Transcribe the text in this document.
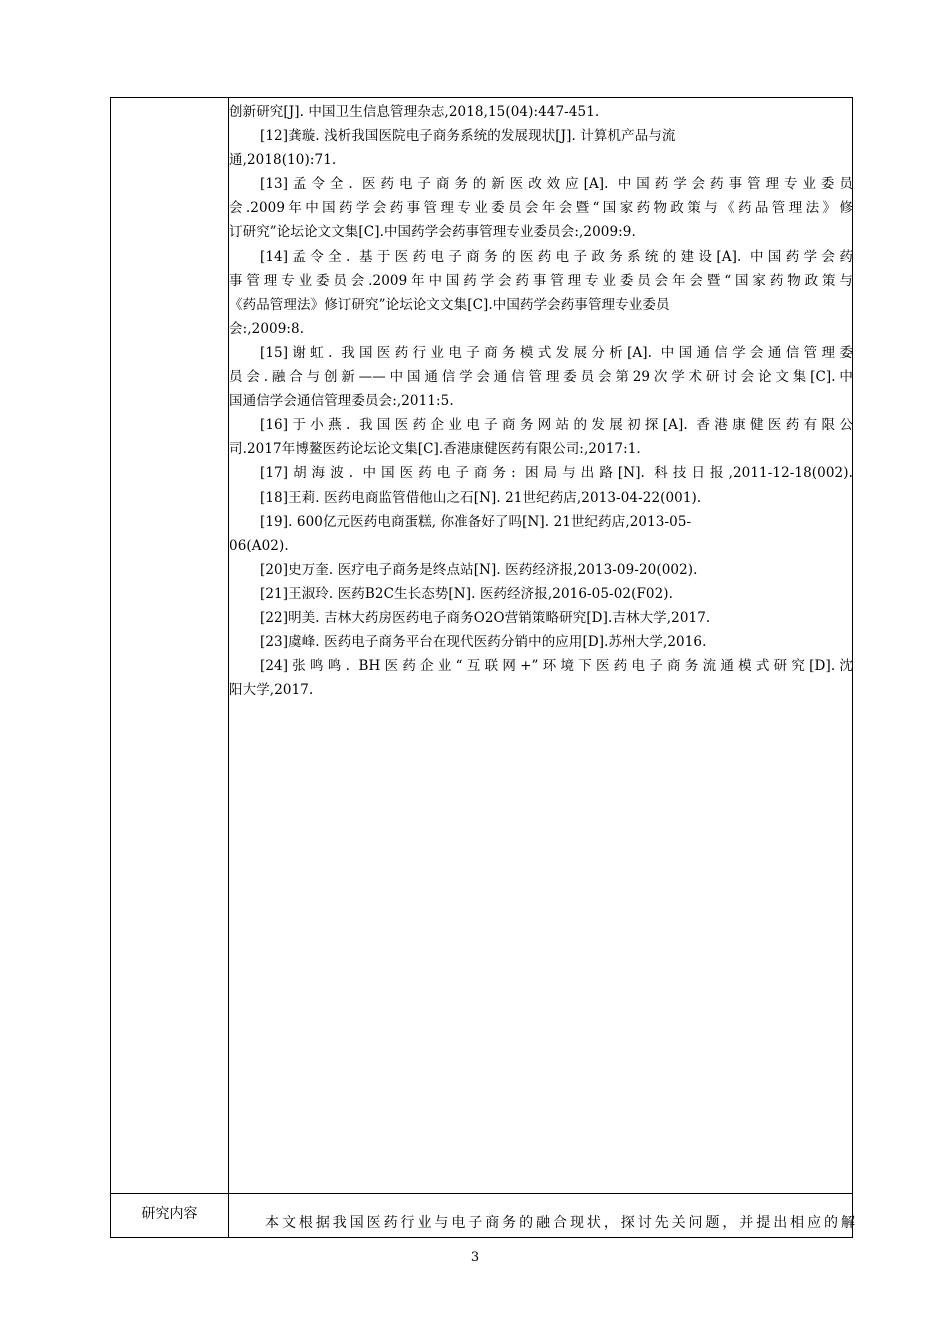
创新研究[J]. 中国卫生信息管理杂志,2018,15(04):447-451.
[12]龚璇. 浅析我国医院电子商务系统的发展现状[J]. 计算机产品与流
通,2018(10):71.
[13]孟令全. 医药电子商务的新医改效应[A]. 中国药学会药事管理专业委员
会.2009年中国药学会药事管理专业委员会年会暨“国家药物政策与《药品管理法》修
订研究”论坛论文文集[C].中国药学会药事管理专业委员会:,2009:9.
[14]孟令全. 基于医药电子商务的医药电子政务系统的建设[A]. 中国药学会药
事管理专业委员会.2009年中国药学会药事管理专业委员会年会暨“国家药物政策与
《药品管理法》修订研究”论坛论文文集[C].中国药学会药事管理专业委员
会:,2009:8.
[15]谢虹. 我国医药行业电子商务模式发展分析[A]. 中国通信学会通信管理委
员会.融合与创新——中国通信学会通信管理委员会第29次学术研讨会论文集[C].中
国通信学会通信管理委员会:,2011:5.
[16]于小燕. 我国医药企业电子商务网站的发展初探[A]. 香港康健医药有限公
司.2017年博鳌医药论坛论文集[C].香港康健医药有限公司:,2017:1.
[17]胡海波. 中国医药电子商务: 困局与出路[N]. 科技日报,2011-12-18(002).
[18]王莉. 医药电商监管借他山之石[N]. 21世纪药店,2013-04-22(001).
[19]. 600亿元医药电商蛋糕, 你准备好了吗[N]. 21世纪药店,2013-05-
06(A02).
[20]史万奎. 医疗电子商务是终点站[N]. 医药经济报,2013-09-20(002).
[21]王淑玲. 医药B2C生长态势[N]. 医药经济报,2016-05-02(F02).
[22]明美. 吉林大药房医药电子商务O2O营销策略研究[D].吉林大学,2017.
[23]虞峰. 医药电子商务平台在现代医药分销中的应用[D].苏州大学,2016.
[24]张鸣鸣. BH医药企业“互联网+”环境下医药电子商务流通模式研究[D].沈
阳大学,2017.
研究内容
本文根据我国医药行业与电子商务的融合现状，探讨先关问题，并提出相应的解
3
